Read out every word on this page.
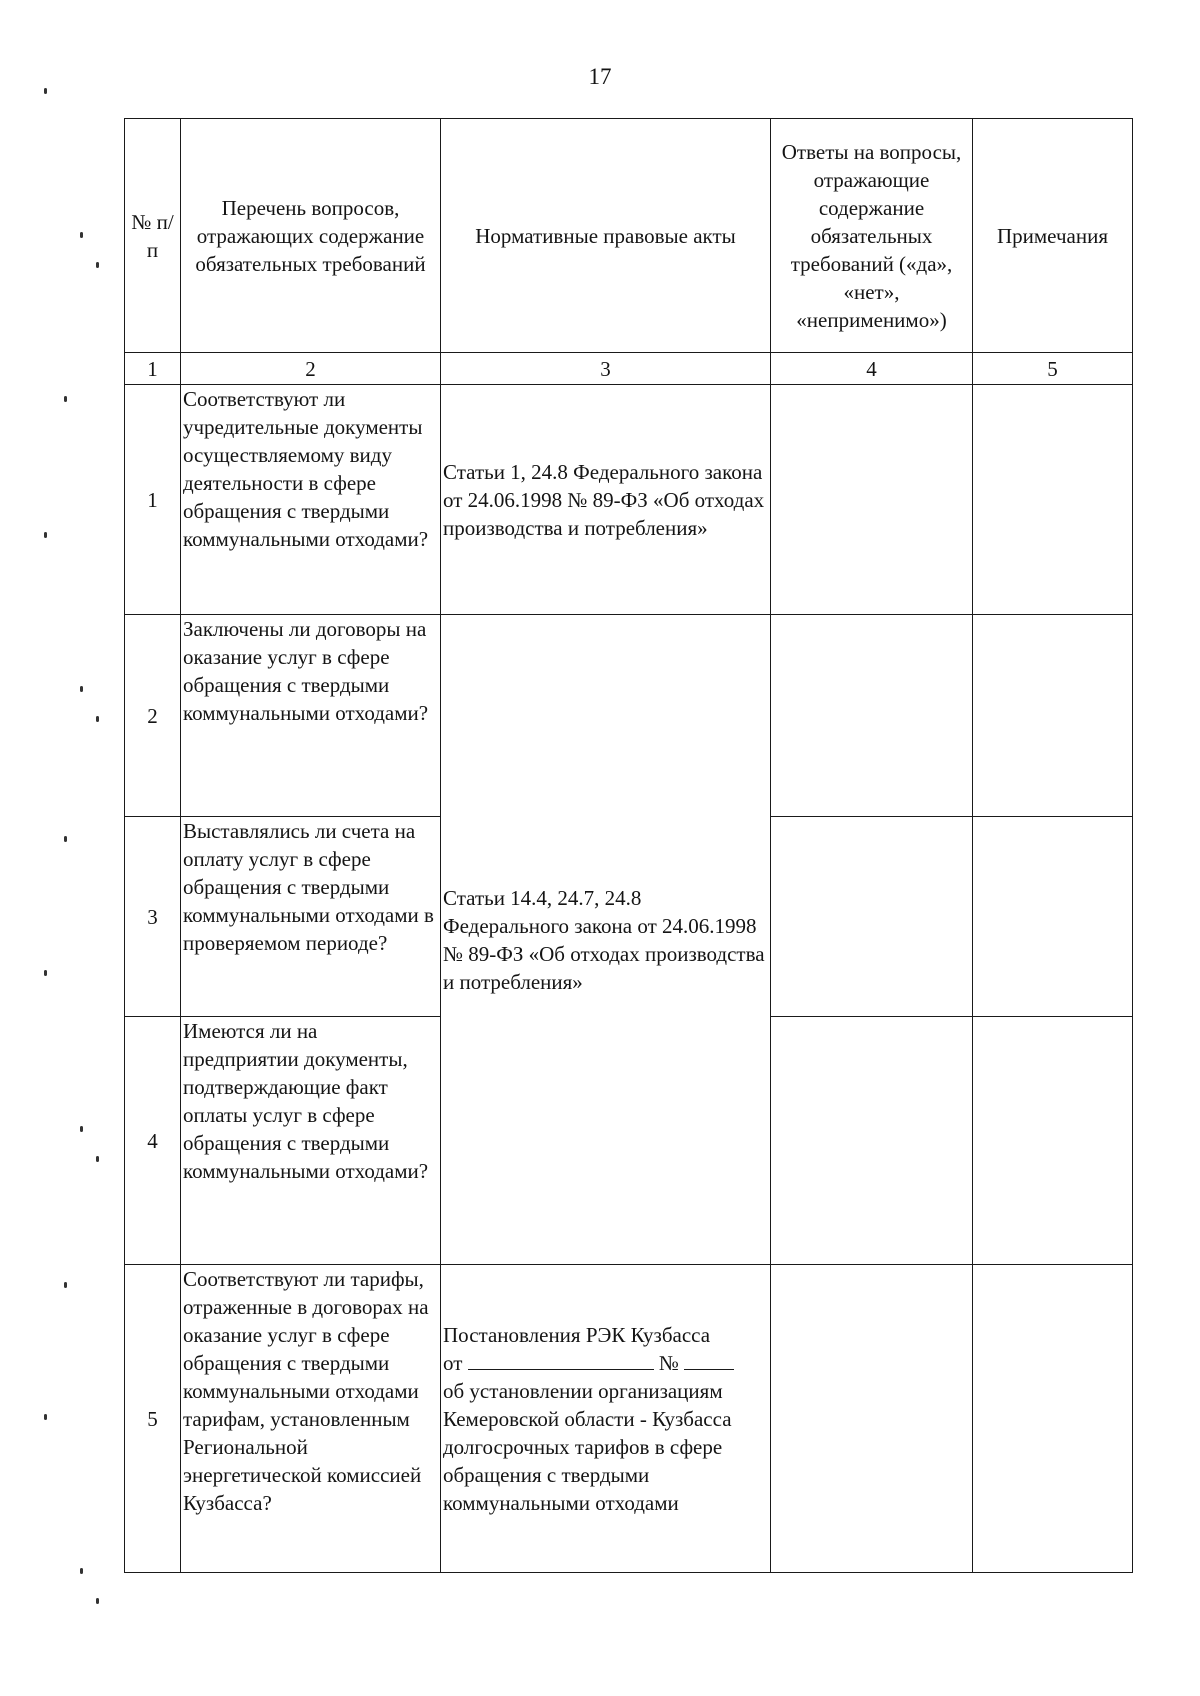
17
№ п/п	Перечень вопросов, отражающих содержание обязательных требований	Нормативные правовые акты	Ответы на вопросы, отражающие содержание обязательных требований («да», «нет», «неприменимо»)	Примечания
1	2	3	4	5
1	Соответствуют ли учредительные документы осуществляемому виду деятельности в сфере обращения с твердыми коммунальными отходами?	Статьи 1, 24.8 Федерального закона от 24.06.1998 № 89-ФЗ «Об отходах производства и потребления»		
2	Заключены ли договоры на оказание услуг в сфере обращения с твердыми коммунальными отходами?	Статьи 14.4, 24.7, 24.8 Федерального закона от 24.06.1998 № 89-ФЗ «Об отходах производства и потребления»		
3	Выставлялись ли счета на оплату услуг в сфере обращения с твердыми коммунальными отходами в проверяемом периоде?			
4	Имеются ли на предприятии документы, подтверждающие факт оплаты услуг в сфере обращения с твердыми коммунальными отходами?			
5	Соответствуют ли тарифы, отраженные в договорах на оказание услуг в сфере обращения с твердыми коммунальными отходами тарифам, установленным Региональной энергетической комиссией Кузбасса?	Постановления РЭК Кузбасса
от №
об установлении организациям Кемеровской области - Кузбасса долгосрочных тарифов в сфере обращения с твердыми коммунальными отходами		
